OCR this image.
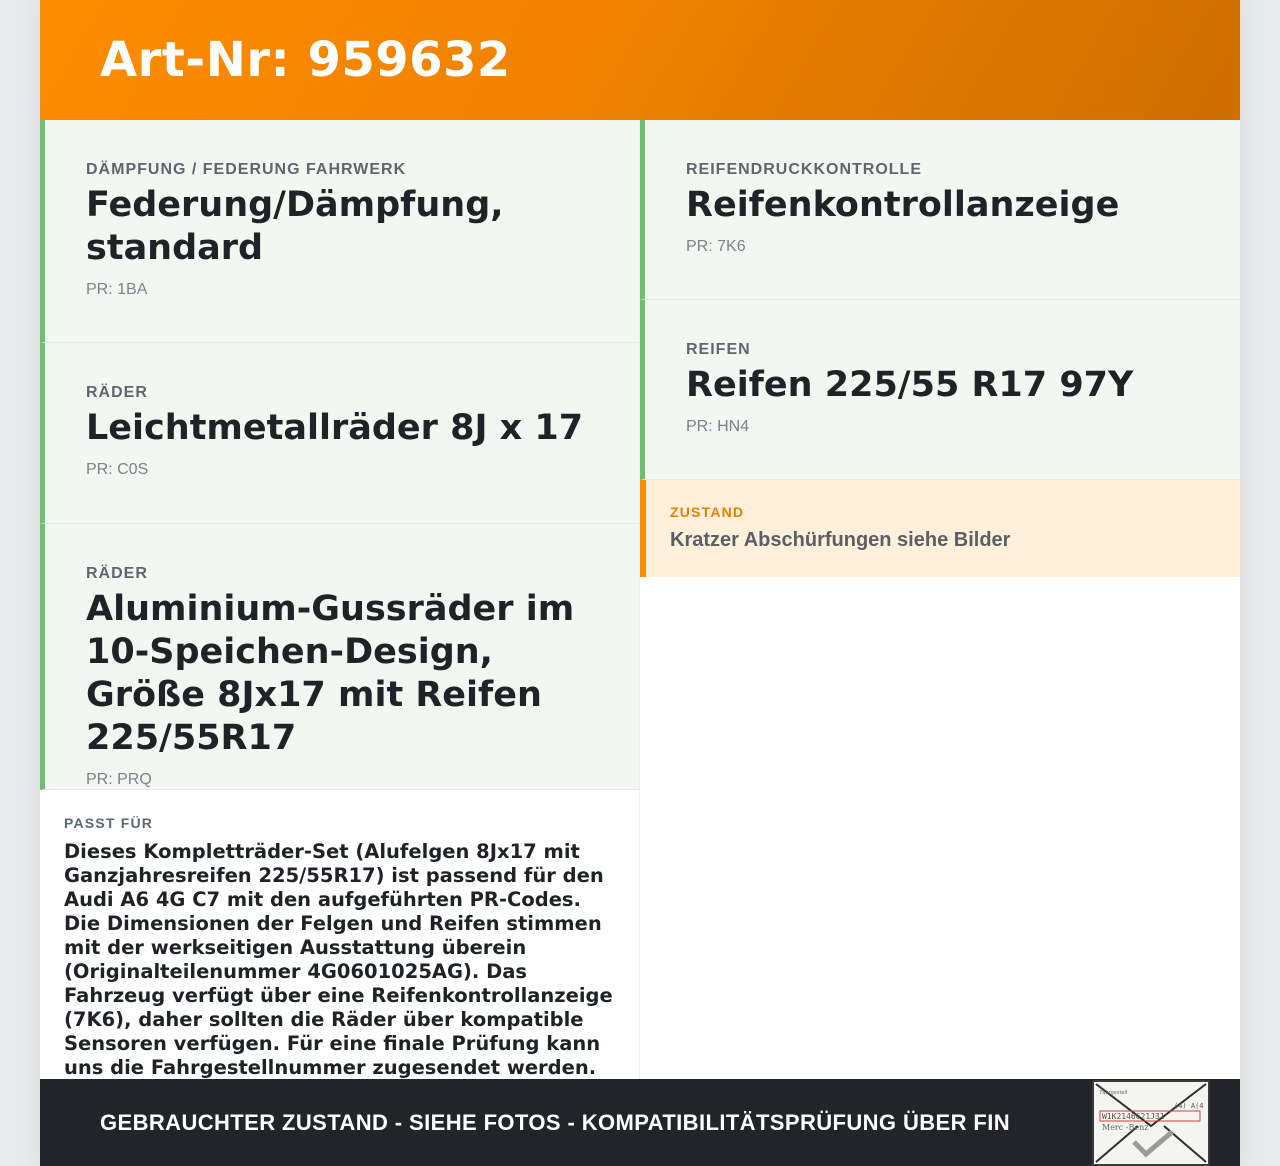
Art-Nr: 959632
DÄMPFUNG / FEDERUNG FAHRWERK
Federung/Dämpfung, standard
PR: 1BA
RÄDER
Leichtmetallräder 8J x 17
PR: C0S
RÄDER
Aluminium-Gussräder im 10-Speichen-Design, Größe 8Jx17 mit Reifen 225/55R17
PR: PRQ
PASST FÜR
Dieses Kompletträder-Set (Alufelgen 8Jx17 mit Ganzjahresreifen 225/55R17) ist passend für den Audi A6 4G C7 mit den aufgeführten PR-Codes. Die Dimensionen der Felgen und Reifen stimmen mit der werkseitigen Ausstattung überein (Originalteilenummer 4G0601025AG). Das Fahrzeug verfügt über eine Reifenkontrollanzeige (7K6), daher sollten die Räder über kompatible Sensoren verfügen. Für eine finale Prüfung kann uns die Fahrgestellnummer zugesendet werden.
REIFENDRUCKKONTROLLE
Reifenkontrollanzeige
PR: 7K6
REIFEN
Reifen 225/55 R17 97Y
PR: HN4
ZUSTAND
Kratzer Abschürfungen siehe Bilder
GEBRAUCHTER ZUSTAND - SIEHE FOTOS - KOMPATIBILITÄTSPRÜFUNG ÜBER FIN
Fahrgestell
(4) A(4
W1K2146621J31
Merc -Benz
